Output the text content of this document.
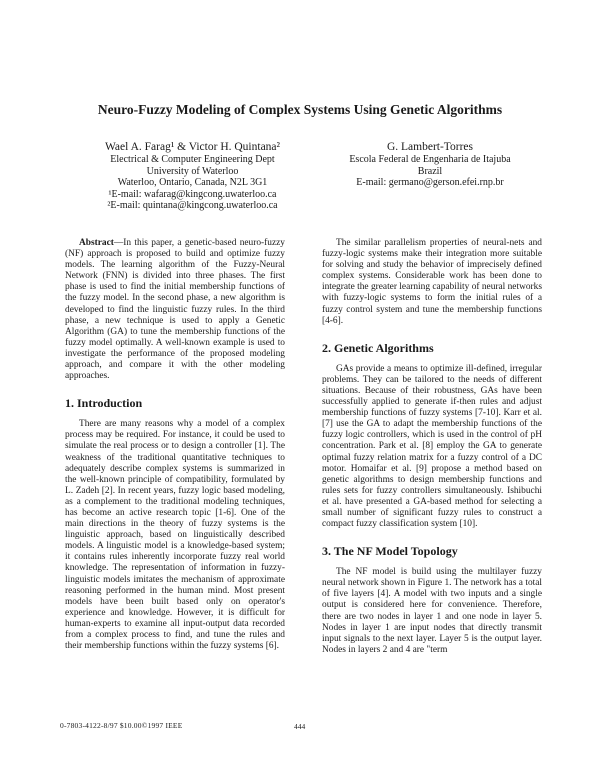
Neuro-Fuzzy Modeling of Complex Systems Using Genetic Algorithms
Wael A. Farag¹ & Victor H. Quintana²
Electrical & Computer Engineering Dept
University of Waterloo
Waterloo, Ontario, Canada, N2L 3G1
¹E-mail: wafarag@kingcong.uwaterloo.ca
²E-mail: quintana@kingcong.uwaterloo.ca
G. Lambert-Torres
Escola Federal de Engenharia de Itajuba
Brazil
E-mail: germano@gerson.efei.rnp.br

Abstract—In this paper, a genetic-based neuro-fuzzy (NF) approach is proposed to build and optimize fuzzy models. The learning algorithm of the Fuzzy-Neural Network (FNN) is divided into three phases. The first phase is used to find the initial membership functions of the fuzzy model. In the second phase, a new algorithm is developed to find the linguistic fuzzy rules. In the third phase, a new technique is used to apply a Genetic Algorithm (GA) to tune the membership functions of the fuzzy model optimally. A well-known example is used to investigate the performance of the proposed modeling approach, and compare it with the other modeling approaches.

1. Introduction

There are many reasons why a model of a complex process may be required. For instance, it could be used to simulate the real process or to design a controller [1]. The weakness of the traditional quantitative techniques to adequately describe complex systems is summarized in the well-known principle of compatibility, formulated by L. Zadeh [2]. In recent years, fuzzy logic based modeling, as a complement to the traditional modeling techniques, has become an active research topic [1-6]. One of the main directions in the theory of fuzzy systems is the linguistic approach, based on linguistically described models. A linguistic model is a knowledge-based system; it contains rules inherently incorporate fuzzy real world knowledge. The representation of information in fuzzy-linguistic models imitates the mechanism of approximate reasoning performed in the human mind. Most present models have been built based only on operator's experience and knowledge. However, it is difficult for human-experts to examine all input-output data recorded from a complex process to find, and tune the rules and their membership functions within the fuzzy systems [6].

The similar parallelism properties of neural-nets and fuzzy-logic systems make their integration more suitable for solving and study the behavior of imprecisely defined complex systems. Considerable work has been done to integrate the greater learning capability of neural networks with fuzzy-logic systems to form the initial rules of a fuzzy control system and tune the membership functions [4-6].

2. Genetic Algorithms

GAs provide a means to optimize ill-defined, irregular problems. They can be tailored to the needs of different situations. Because of their robustness, GAs have been successfully applied to generate if-then rules and adjust membership functions of fuzzy systems [7-10]. Karr et al. [7] use the GA to adapt the membership functions of the fuzzy logic controllers, which is used in the control of pH concentration. Park et al. [8] employ the GA to generate optimal fuzzy relation matrix for a fuzzy control of a DC motor. Homaifar et al. [9] propose a method based on genetic algorithms to design membership functions and rules sets for fuzzy controllers simultaneously. Ishibuchi et al. have presented a GA-based method for selecting a small number of significant fuzzy rules to construct a compact fuzzy classification system [10].

3. The NF Model Topology

The NF model is build using the multilayer fuzzy neural network shown in Figure 1. The network has a total of five layers [4]. A model with two inputs and a single output is considered here for convenience. Therefore, there are two nodes in layer 1 and one node in layer 5. Nodes in layer 1 are input nodes that directly transmit input signals to the next layer. Layer 5 is the output layer. Nodes in layers 2 and 4 are "term

0-7803-4122-8/97 $10.00©1997 IEEE	444
